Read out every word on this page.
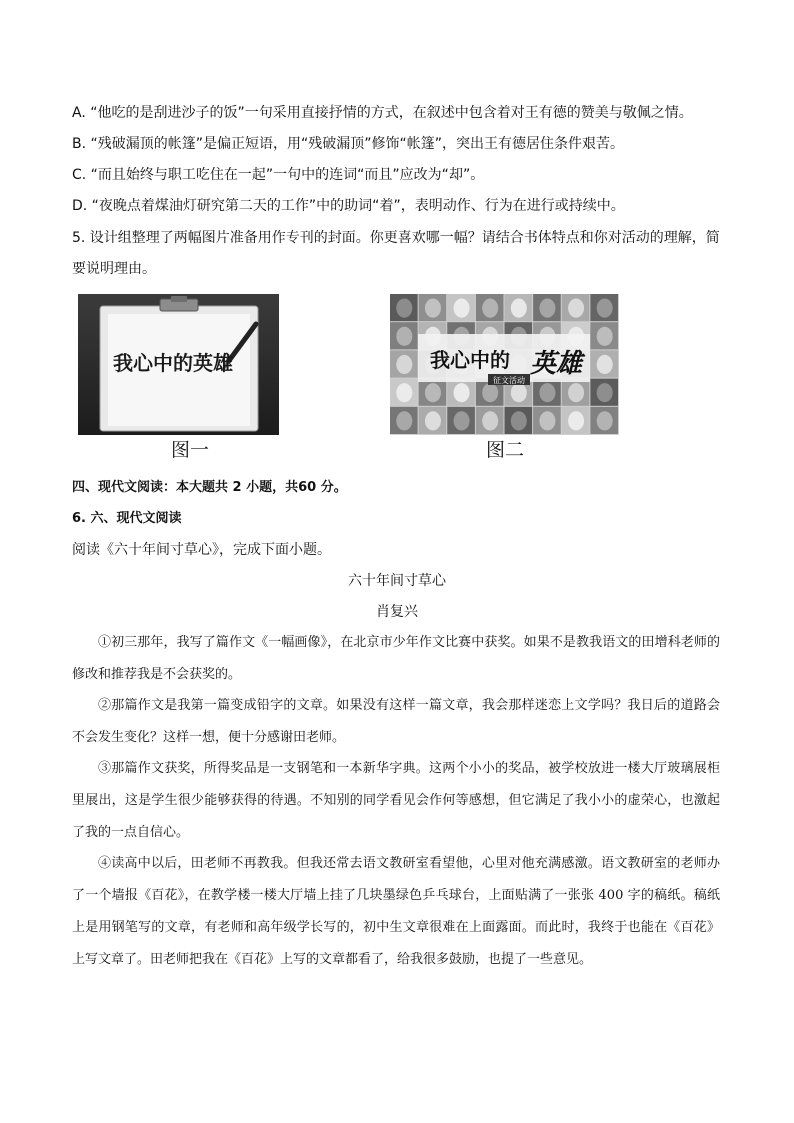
A. “他吃的是刮进沙子的饭”一句采用直接抒情的方式，在叙述中包含着对王有德的赞美与敬佩之情。
B. “残破漏顶的帐篷”是偏正短语，用“残破漏顶”修饰“帐篷”，突出王有德居住条件艰苦。
C. “而且始终与职工吃住在一起”一句中的连词“而且”应改为“却”。
D. “夜晚点着煤油灯研究第二天的工作”中的助词“着”，表明动作、行为在进行或持续中。
5. 设计组整理了两幅图片准备用作专刊的封面。你更喜欢哪一幅？请结合书体特点和你对活动的理解，简
要说明理由。
我心中的英雄
图一
我心中的 英雄
征文活动
图二
四、现代文阅读：本大题共 2 小题，共60 分。
6. 六、现代文阅读
阅读《六十年间寸草心》，完成下面小题。
六十年间寸草心
肖复兴

①初三那年，我写了篇作文《一幅画像》，在北京市少年作文比赛中获奖。如果不是教我语文的田增科老师的修改和推荐我是不会获奖的。

②那篇作文是我第一篇变成铅字的文章。如果没有这样一篇文章，我会那样迷恋上文学吗？我日后的道路会不会发生变化？这样一想，便十分感谢田老师。

③那篇作文获奖，所得奖品是一支钢笔和一本新华字典。这两个小小的奖品，被学校放进一楼大厅玻璃展柜里展出，这是学生很少能够获得的待遇。不知别的同学看见会作何等感想，但它满足了我小小的虚荣心，也激起了我的一点自信心。

④读高中以后，田老师不再教我。但我还常去语文教研室看望他，心里对他充满感激。语文教研室的老师办了一个墙报《百花》，在教学楼一楼大厅墙上挂了几块墨绿色乒乓球台，上面贴满了一张张 400 字的稿纸。稿纸上是用钢笔写的文章，有老师和高年级学长写的，初中生文章很难在上面露面。而此时，我终于也能在《百花》上写文章了。田老师把我在《百花》上写的文章都看了，给我很多鼓励，也提了一些意见。
